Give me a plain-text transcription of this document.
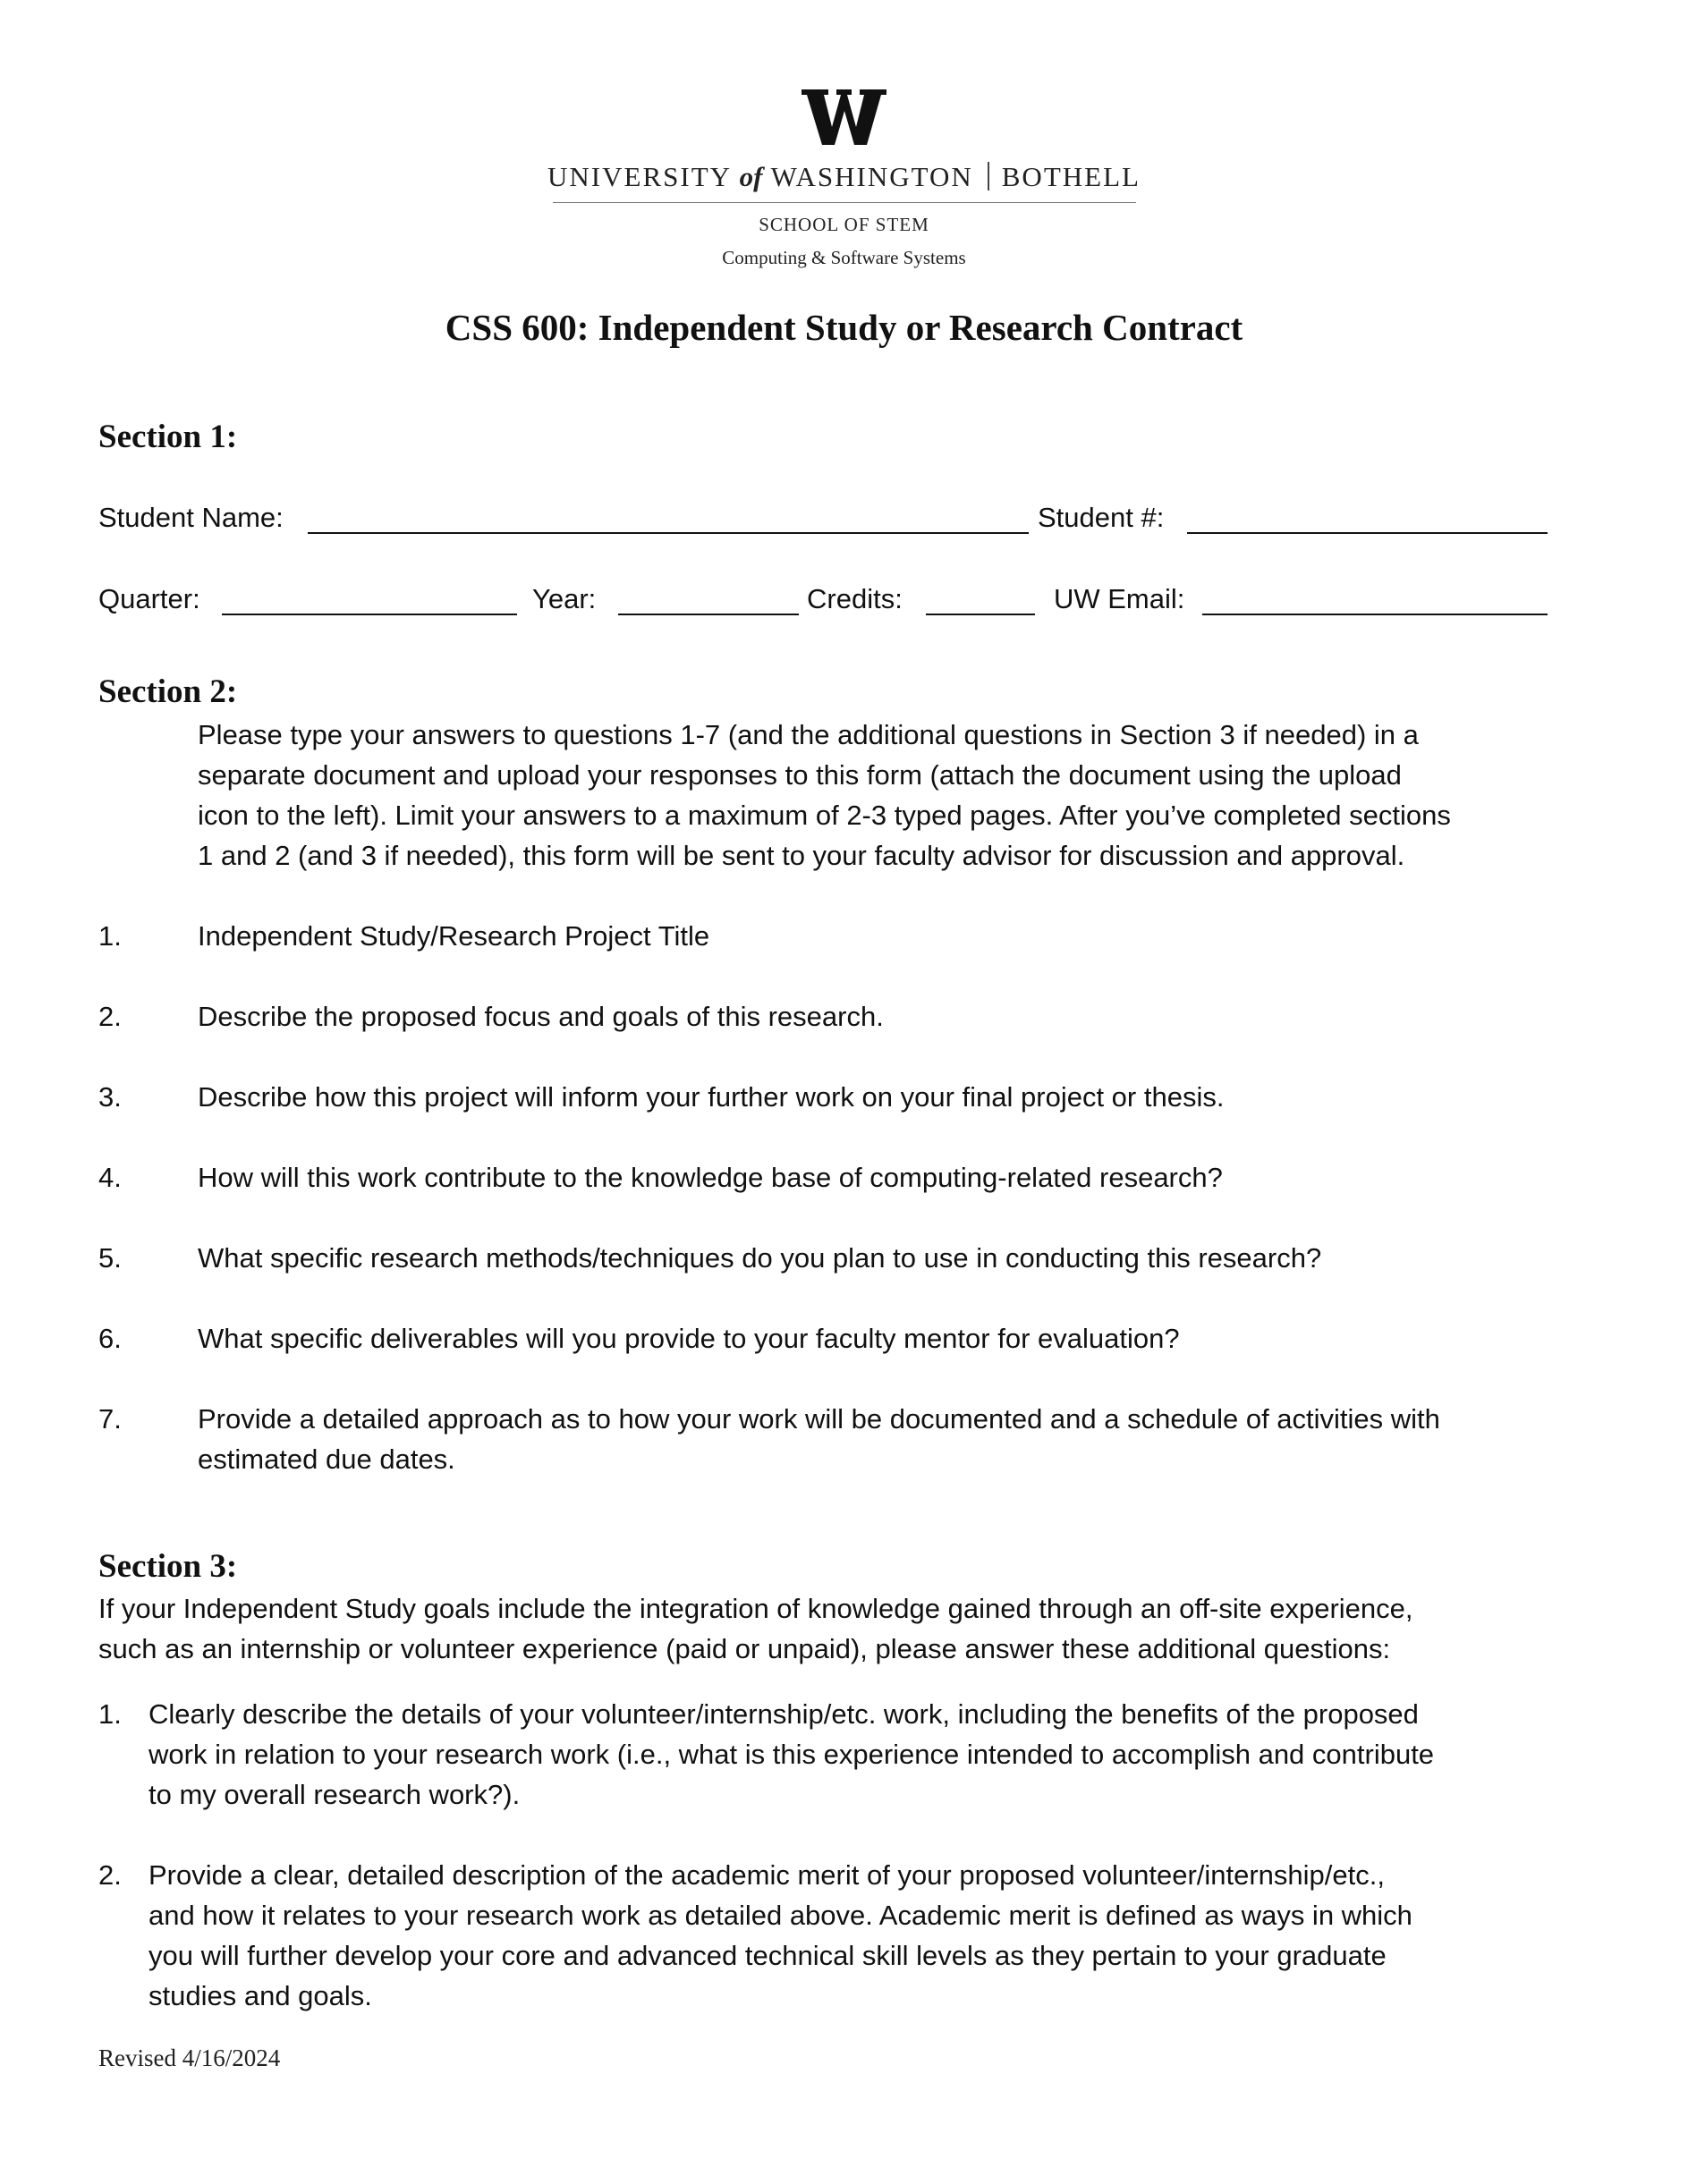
UNIVERSITY of WASHINGTON BOTHELL
SCHOOL OF STEM
Computing & Software Systems
CSS 600: Independent Study or Research Contract
Section 1:
Student Name:	Student #:
Quarter:	Year:	Credits:	UW Email:
Section 2:
Please type your answers to questions 1-7 (and the additional questions in Section 3 if needed) in a
separate document and upload your responses to this form (attach the document using the upload
icon to the left). Limit your answers to a maximum of 2-3 typed pages. After you’ve completed sections
1 and 2 (and 3 if needed), this form will be sent to your faculty advisor for discussion and approval.
1.	Independent Study/Research Project Title
2.	Describe the proposed focus and goals of this research.
3.	Describe how this project will inform your further work on your final project or thesis.
4.	How will this work contribute to the knowledge base of computing-related research?
5.	What specific research methods/techniques do you plan to use in conducting this research?
6.	What specific deliverables will you provide to your faculty mentor for evaluation?
7.	Provide a detailed approach as to how your work will be documented and a schedule of activities with
estimated due dates.
Section 3:
If your Independent Study goals include the integration of knowledge gained through an off-site experience,
such as an internship or volunteer experience (paid or unpaid), please answer these additional questions:
1. Clearly describe the details of your volunteer/internship/etc. work, including the benefits of the proposed
work in relation to your research work (i.e., what is this experience intended to accomplish and contribute
to my overall research work?).
2. Provide a clear, detailed description of the academic merit of your proposed volunteer/internship/etc.,
and how it relates to your research work as detailed above. Academic merit is defined as ways in which
you will further develop your core and advanced technical skill levels as they pertain to your graduate
studies and goals.
Revised 4/16/2024
